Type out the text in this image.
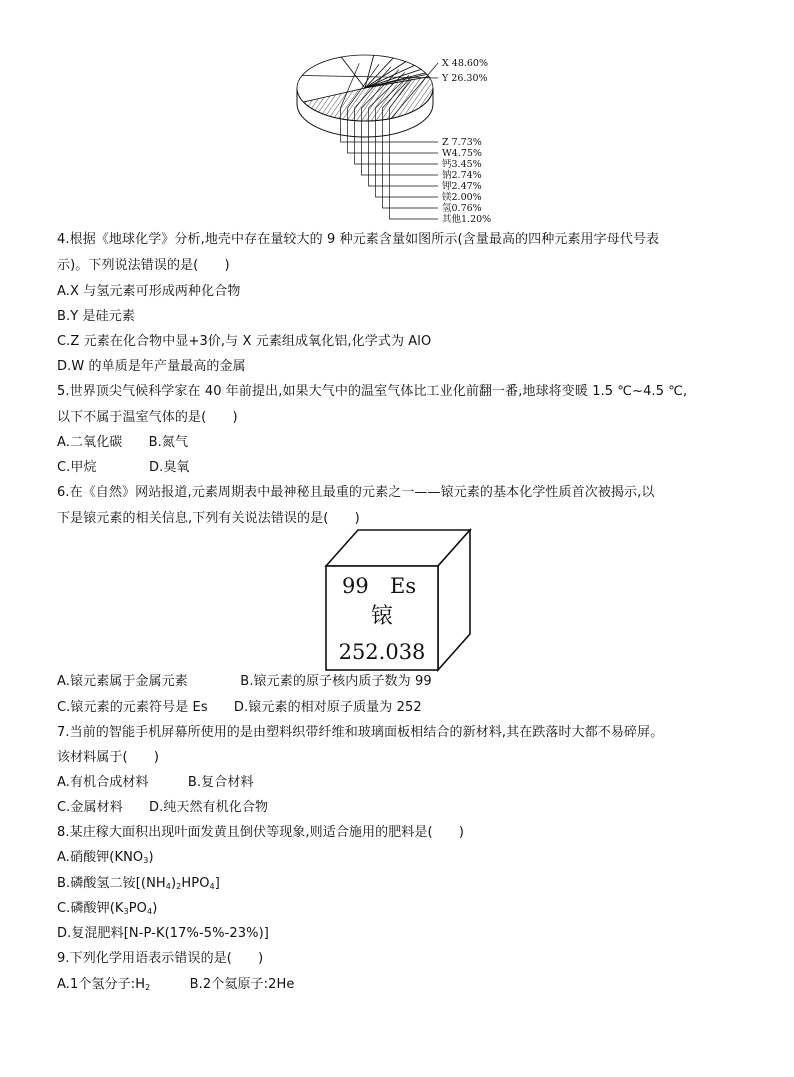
X 48.60%
Y 26.30%
Z 7.73%
W4.75%
钙3.45%
钠2.74%
钾2.47%
镁2.00%
氢0.76%
其他1.20%
4.根据《地球化学》分析,地壳中存在量较大的 9 种元素含量如图所示(含量最高的四种元素用字母代号表
示)。下列说法错误的是(　　)
A.X 与氢元素可形成两种化合物
B.Y 是硅元素
C.Z 元素在化合物中显+3价,与 X 元素组成氧化铝,化学式为 AlO
D.W 的单质是年产量最高的金属
5.世界顶尖气候科学家在 40 年前提出,如果大气中的温室气体比工业化前翻一番,地球将变暖 1.5 ℃~4.5 ℃,
以下不属于温室气体的是(　　)
A.二氧化碳　　B.氮气
C.甲烷　　　　D.臭氧
6.在《自然》网站报道,元素周期表中最神秘且最重的元素之一——锿元素的基本化学性质首次被揭示,以
下是锿元素的相关信息,下列有关说法错误的是(　　)
99 Es
锿
252.038
A.锿元素属于金属元素　　　　B.锿元素的原子核内质子数为 99
C.锿元素的元素符号是 Es　　D.锿元素的相对原子质量为 252
7.当前的智能手机屏幕所使用的是由塑料织带纤维和玻璃面板相结合的新材料,其在跌落时大都不易碎屏。
该材料属于(　　)
A.有机合成材料　　　B.复合材料
C.金属材料　　D.纯天然有机化合物
8.某庄稼大面积出现叶面发黄且倒伏等现象,则适合施用的肥料是(　　)
A.硝酸钾$(KNO_3)$
B.磷酸氢二铵$[(NH_4)_2HPO_4]$
C.磷酸钾$(K_3PO_4)$
D.复混肥料[N-P-K(17%-5%-23%)]
9.下列化学用语表示错误的是(　　)
A.1个氢分子$:H_2$　　　B.2个氦原子:2He
